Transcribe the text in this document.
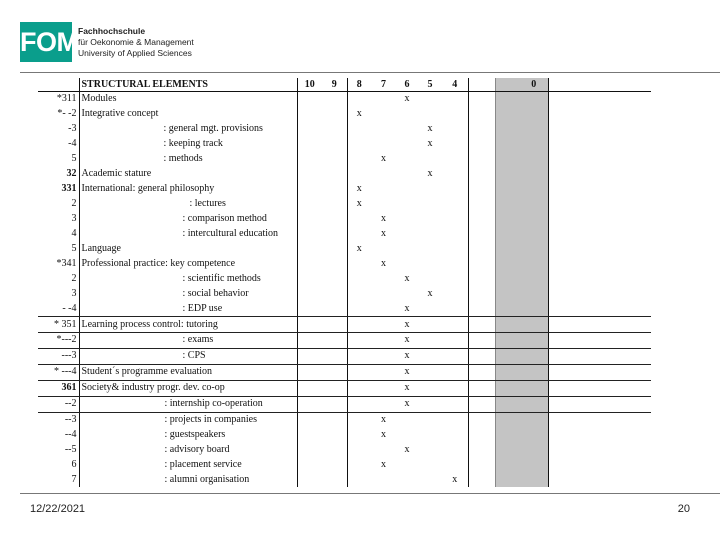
FOM Fachhochschule
für Oekonomie & Management
University of Applied Sciences
	STRUCTURAL ELEMENTS	10	9	8	7	6	5	4			0	
*311	Modules					x						
*- -2	Integrative concept			x								
-3	: general mgt. provisions						x					
-4	: keeping track						x					
5	: methods				x							
32	Academic stature						x					
331	International: general philosophy			x								
2	: lectures			x								
3	: comparison method				x							
4	: intercultural education				x							
5	Language			x								
*341	Professional practice: key competence				x							
2	: scientific methods					x						
3	: social behavior						x					
- -4	: EDP use					x						
* 351	Learning process control: tutoring					x						
*---2	: exams					x						
---3	: CPS					x						
* ---4	Student´s programme evaluation					x						
361	Society& industry progr. dev. co-op					x						
--2	: internship co-operation					x						
--3	: projects in companies				x							
--4	: guestspeakers				x							
--5	: advisory board					x						
6	: placement service				x							
7	: alumni organisation							x				
12/22/2021	20
